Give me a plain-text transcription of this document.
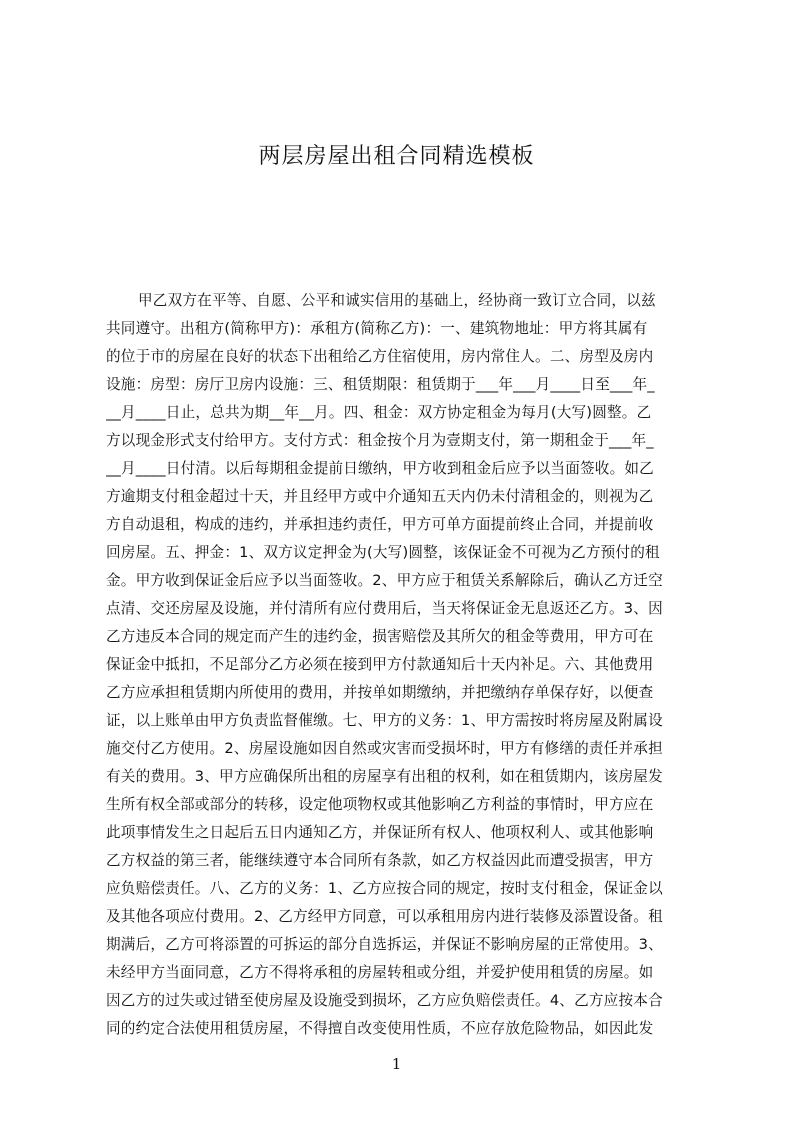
两层房屋出租合同精选模板
甲乙双方在平等、自愿、公平和诚实信用的基础上，经协商一致订立合同，以兹
共同遵守。出租方(简称甲方)：承租方(简称乙方)：一、建筑物地址：甲方将其属有
的位于市的房屋在良好的状态下出租给乙方住宿使用，房内常住人。二、房型及房内
设施：房型：房厅卫房内设施：三、租赁期限：租赁期于___年___月____日至___年_
__月____日止，总共为期__年__月。四、租金：双方协定租金为每月(大写)圆整。乙
方以现金形式支付给甲方。支付方式：租金按个月为壹期支付，第一期租金于___年_
__月____日付清。以后每期租金提前日缴纳，甲方收到租金后应予以当面签收。如乙
方逾期支付租金超过十天，并且经甲方或中介通知五天内仍未付清租金的，则视为乙
方自动退租，构成的违约，并承担违约责任，甲方可单方面提前终止合同，并提前收
回房屋。五、押金：1、双方议定押金为(大写)圆整，该保证金不可视为乙方预付的租
金。甲方收到保证金后应予以当面签收。2、甲方应于租赁关系解除后，确认乙方迁空
点清、交还房屋及设施，并付清所有应付费用后，当天将保证金无息返还乙方。3、因
乙方违反本合同的规定而产生的违约金，损害赔偿及其所欠的租金等费用，甲方可在
保证金中抵扣，不足部分乙方必须在接到甲方付款通知后十天内补足。六、其他费用
乙方应承担租赁期内所使用的费用，并按单如期缴纳，并把缴纳存单保存好，以便查
证，以上账单由甲方负责监督催缴。七、甲方的义务：1、甲方需按时将房屋及附属设
施交付乙方使用。2、房屋设施如因自然或灾害而受损坏时，甲方有修缮的责任并承担
有关的费用。3、甲方应确保所出租的房屋享有出租的权利，如在租赁期内，该房屋发
生所有权全部或部分的转移，设定他项物权或其他影响乙方利益的事情时，甲方应在
此项事情发生之日起后五日内通知乙方，并保证所有权人、他项权利人、或其他影响
乙方权益的第三者，能继续遵守本合同所有条款，如乙方权益因此而遭受损害，甲方
应负赔偿责任。八、乙方的义务：1、乙方应按合同的规定，按时支付租金，保证金以
及其他各项应付费用。2、乙方经甲方同意，可以承租用房内进行装修及添置设备。租
期满后，乙方可将添置的可拆运的部分自选拆运，并保证不影响房屋的正常使用。3、
未经甲方当面同意，乙方不得将承租的房屋转租或分组，并爱护使用租赁的房屋。如
因乙方的过失或过错至使房屋及设施受到损坏，乙方应负赔偿责任。4、乙方应按本合
同的约定合法使用租赁房屋，不得擅自改变使用性质，不应存放危险物品，如因此发
1
